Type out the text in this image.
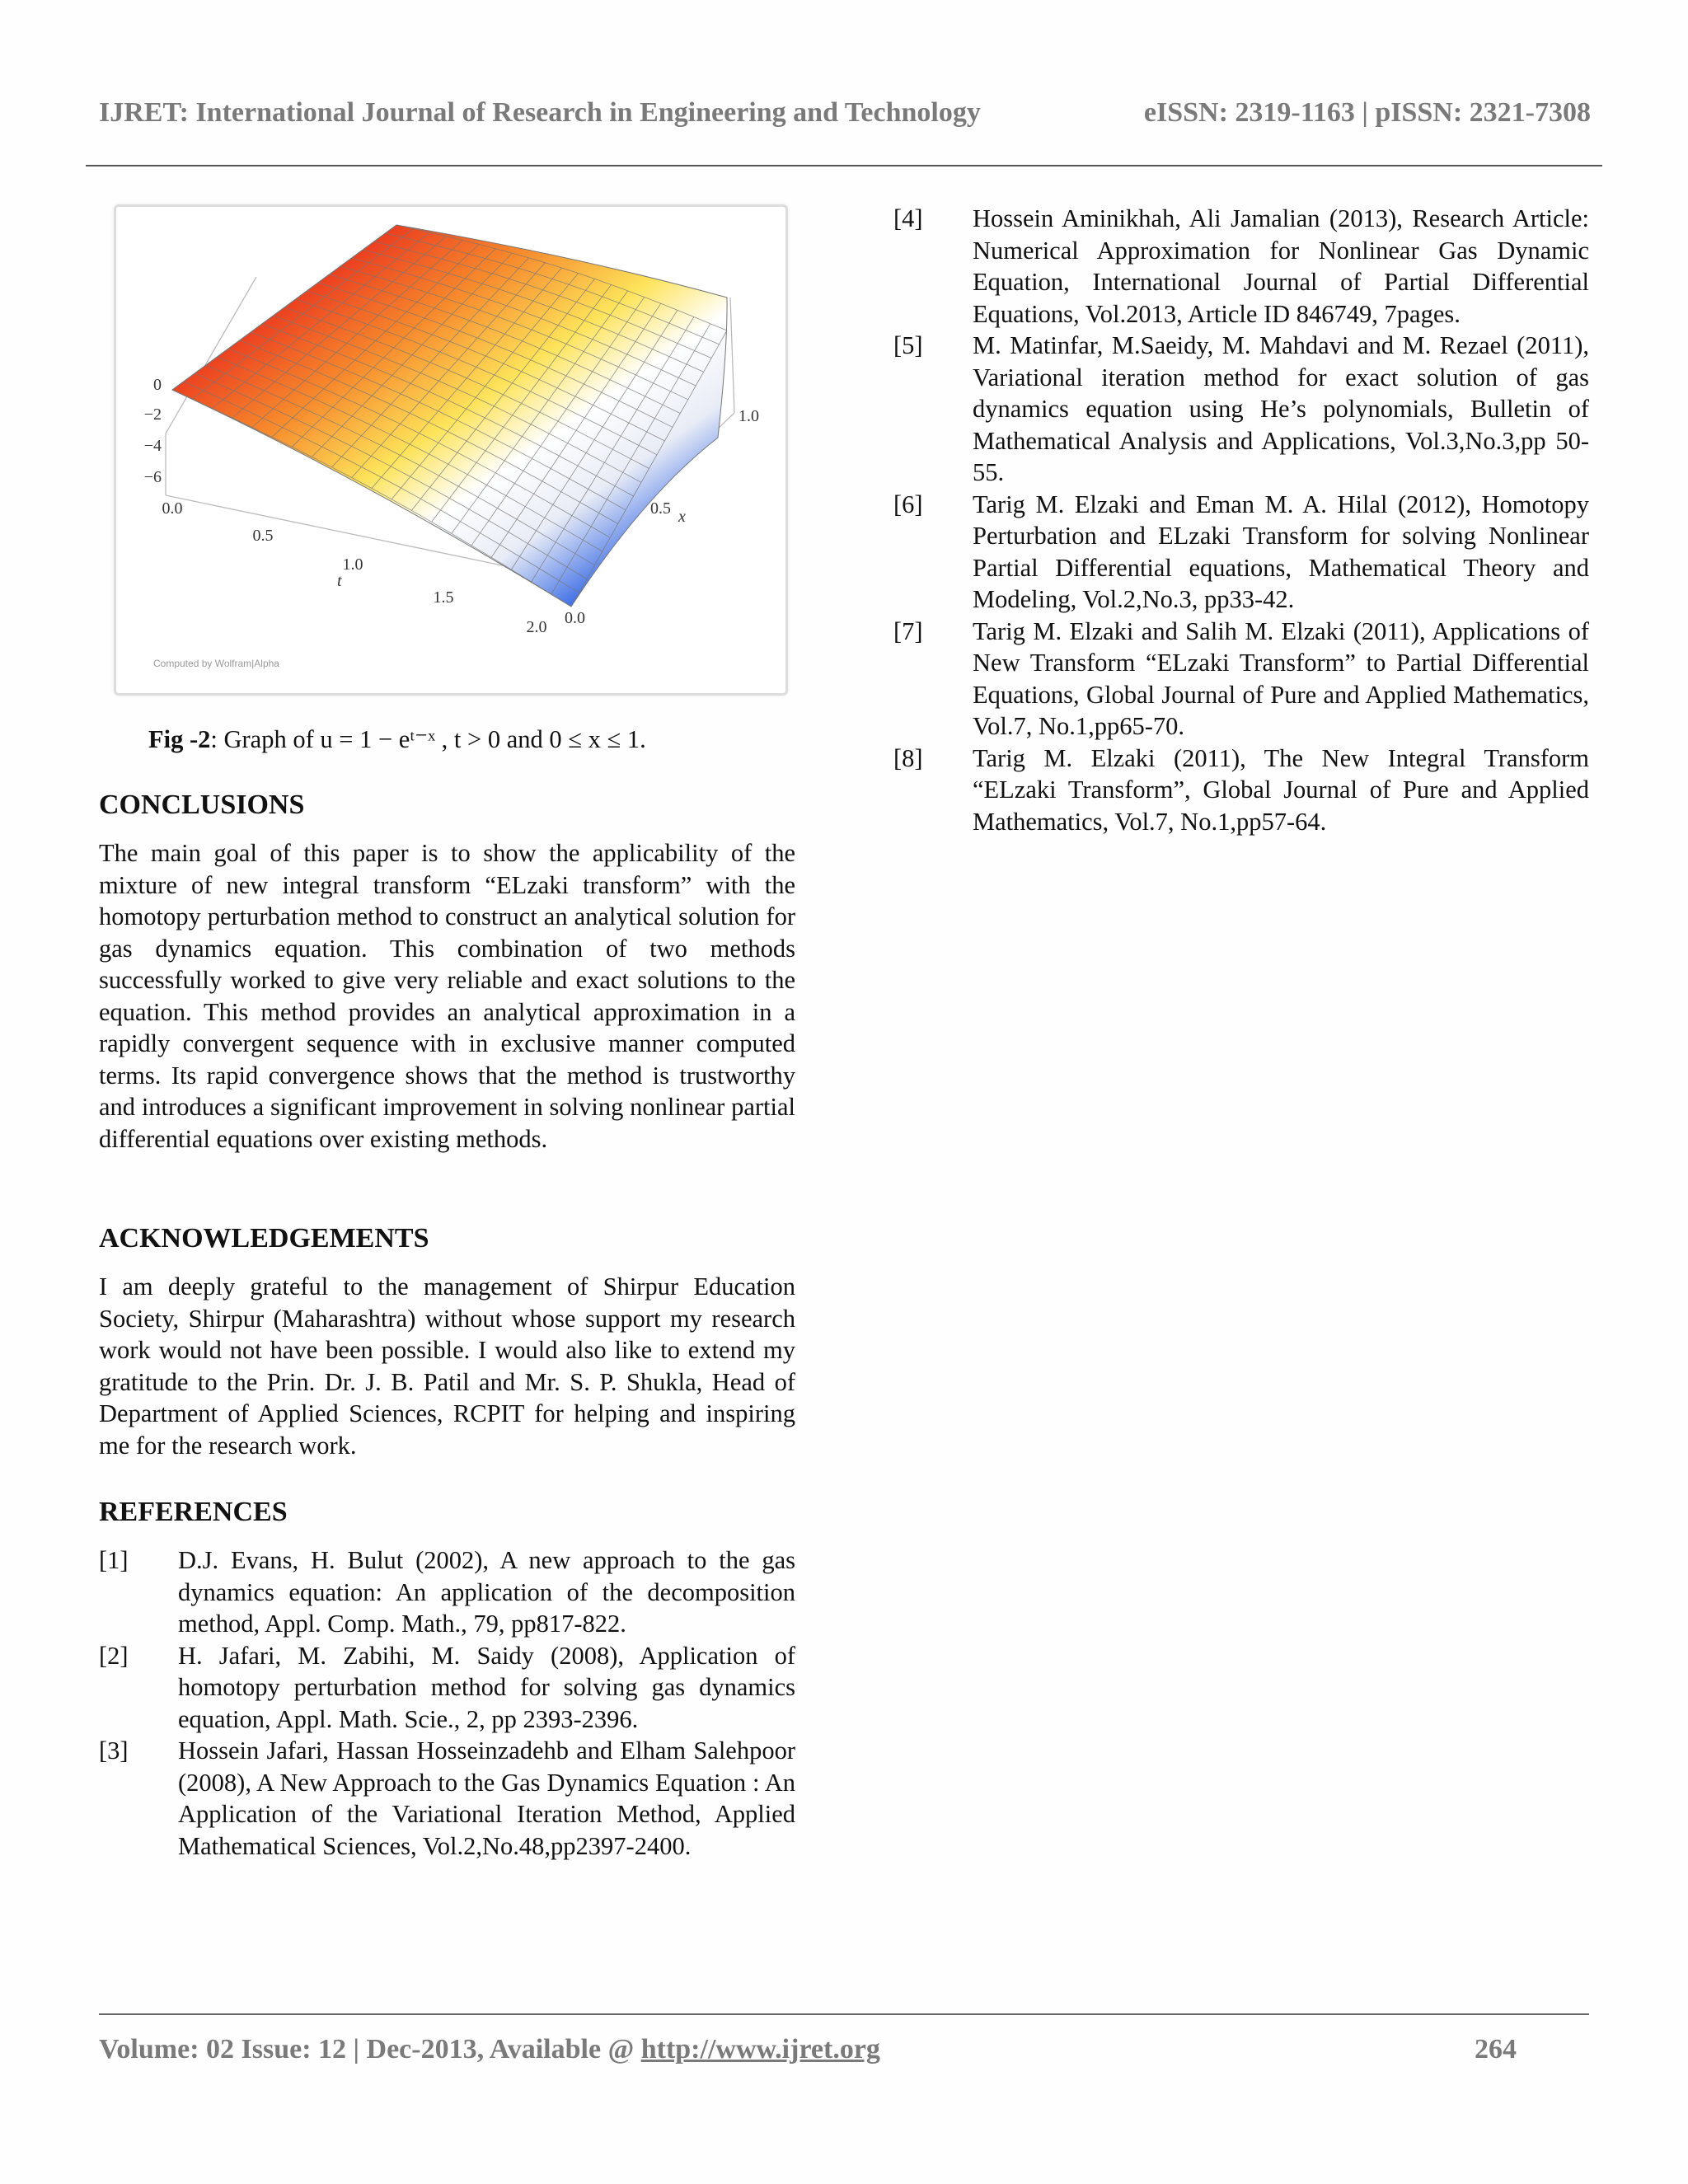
IJRET: International Journal of Research in Engineering and Technology	eISSN: 2319-1163 | pISSN: 2321-7308
0
−2
−4
−6
0.0
0.5
1.0
1.5
2.0
t
0.0
0.5
1.0
x
Computed by Wolfram|Alpha
Fig -2: Graph of u = 1 − eᵗ⁻ˣ , t > 0 and 0 ≤ x ≤ 1.
CONCLUSIONS

The main goal of this paper is to show the applicability of the mixture of new integral transform “ELzaki transform” with the homotopy perturbation method to construct an analytical solution for gas dynamics equation. This combination of two methods successfully worked to give very reliable and exact solutions to the equation. This method provides an analytical approximation in a rapidly convergent sequence with in exclusive manner computed terms. Its rapid convergence shows that the method is trustworthy and introduces a significant improvement in solving nonlinear partial differential equations over existing methods.

ACKNOWLEDGEMENTS

I am deeply grateful to the management of Shirpur Education Society, Shirpur (Maharashtra) without whose support my research work would not have been possible. I would also like to extend my gratitude to the Prin. Dr. J. B. Patil and Mr. S. P. Shukla, Head of Department of Applied Sciences, RCPIT for helping and inspiring me for the research work.

REFERENCES
[1]	D.J. Evans, H. Bulut (2002), A new approach to the gas dynamics equation: An application of the decomposition method, Appl. Comp. Math., 79, pp817-822.
[2]	H. Jafari, M. Zabihi, M. Saidy (2008), Application of homotopy perturbation method for solving gas dynamics equation, Appl. Math. Scie., 2, pp 2393-2396.
[3]	Hossein Jafari, Hassan Hosseinzadehb and Elham Salehpoor (2008), A New Approach to the Gas Dynamics Equation : An Application of the Variational Iteration Method, Applied Mathematical Sciences, Vol.2,No.48,pp2397-2400.
[4]	Hossein Aminikhah, Ali Jamalian (2013), Research Article: Numerical Approximation for Nonlinear Gas Dynamic Equation, International Journal of Partial Differential Equations, Vol.2013, Article ID 846749, 7pages.
[5]	M. Matinfar, M.Saeidy, M. Mahdavi and M. Rezael (2011), Variational iteration method for exact solution of gas dynamics equation using He’s polynomials, Bulletin of Mathematical Analysis and Applications, Vol.3,No.3,pp 50-55.
[6]	Tarig M. Elzaki and Eman M. A. Hilal (2012), Homotopy Perturbation and ELzaki Transform for solving Nonlinear Partial Differential equations, Mathematical Theory and Modeling, Vol.2,No.3, pp33-42.
[7]	Tarig M. Elzaki and Salih M. Elzaki (2011), Applications of New Transform “ELzaki Transform” to Partial Differential Equations, Global Journal of Pure and Applied Mathematics, Vol.7, No.1,pp65-70.
[8]	Tarig M. Elzaki (2011), The New Integral Transform “ELzaki Transform”, Global Journal of Pure and Applied Mathematics, Vol.7, No.1,pp57-64.
Volume: 02 Issue: 12 | Dec-2013, Available @ http://www.ijret.org	264
